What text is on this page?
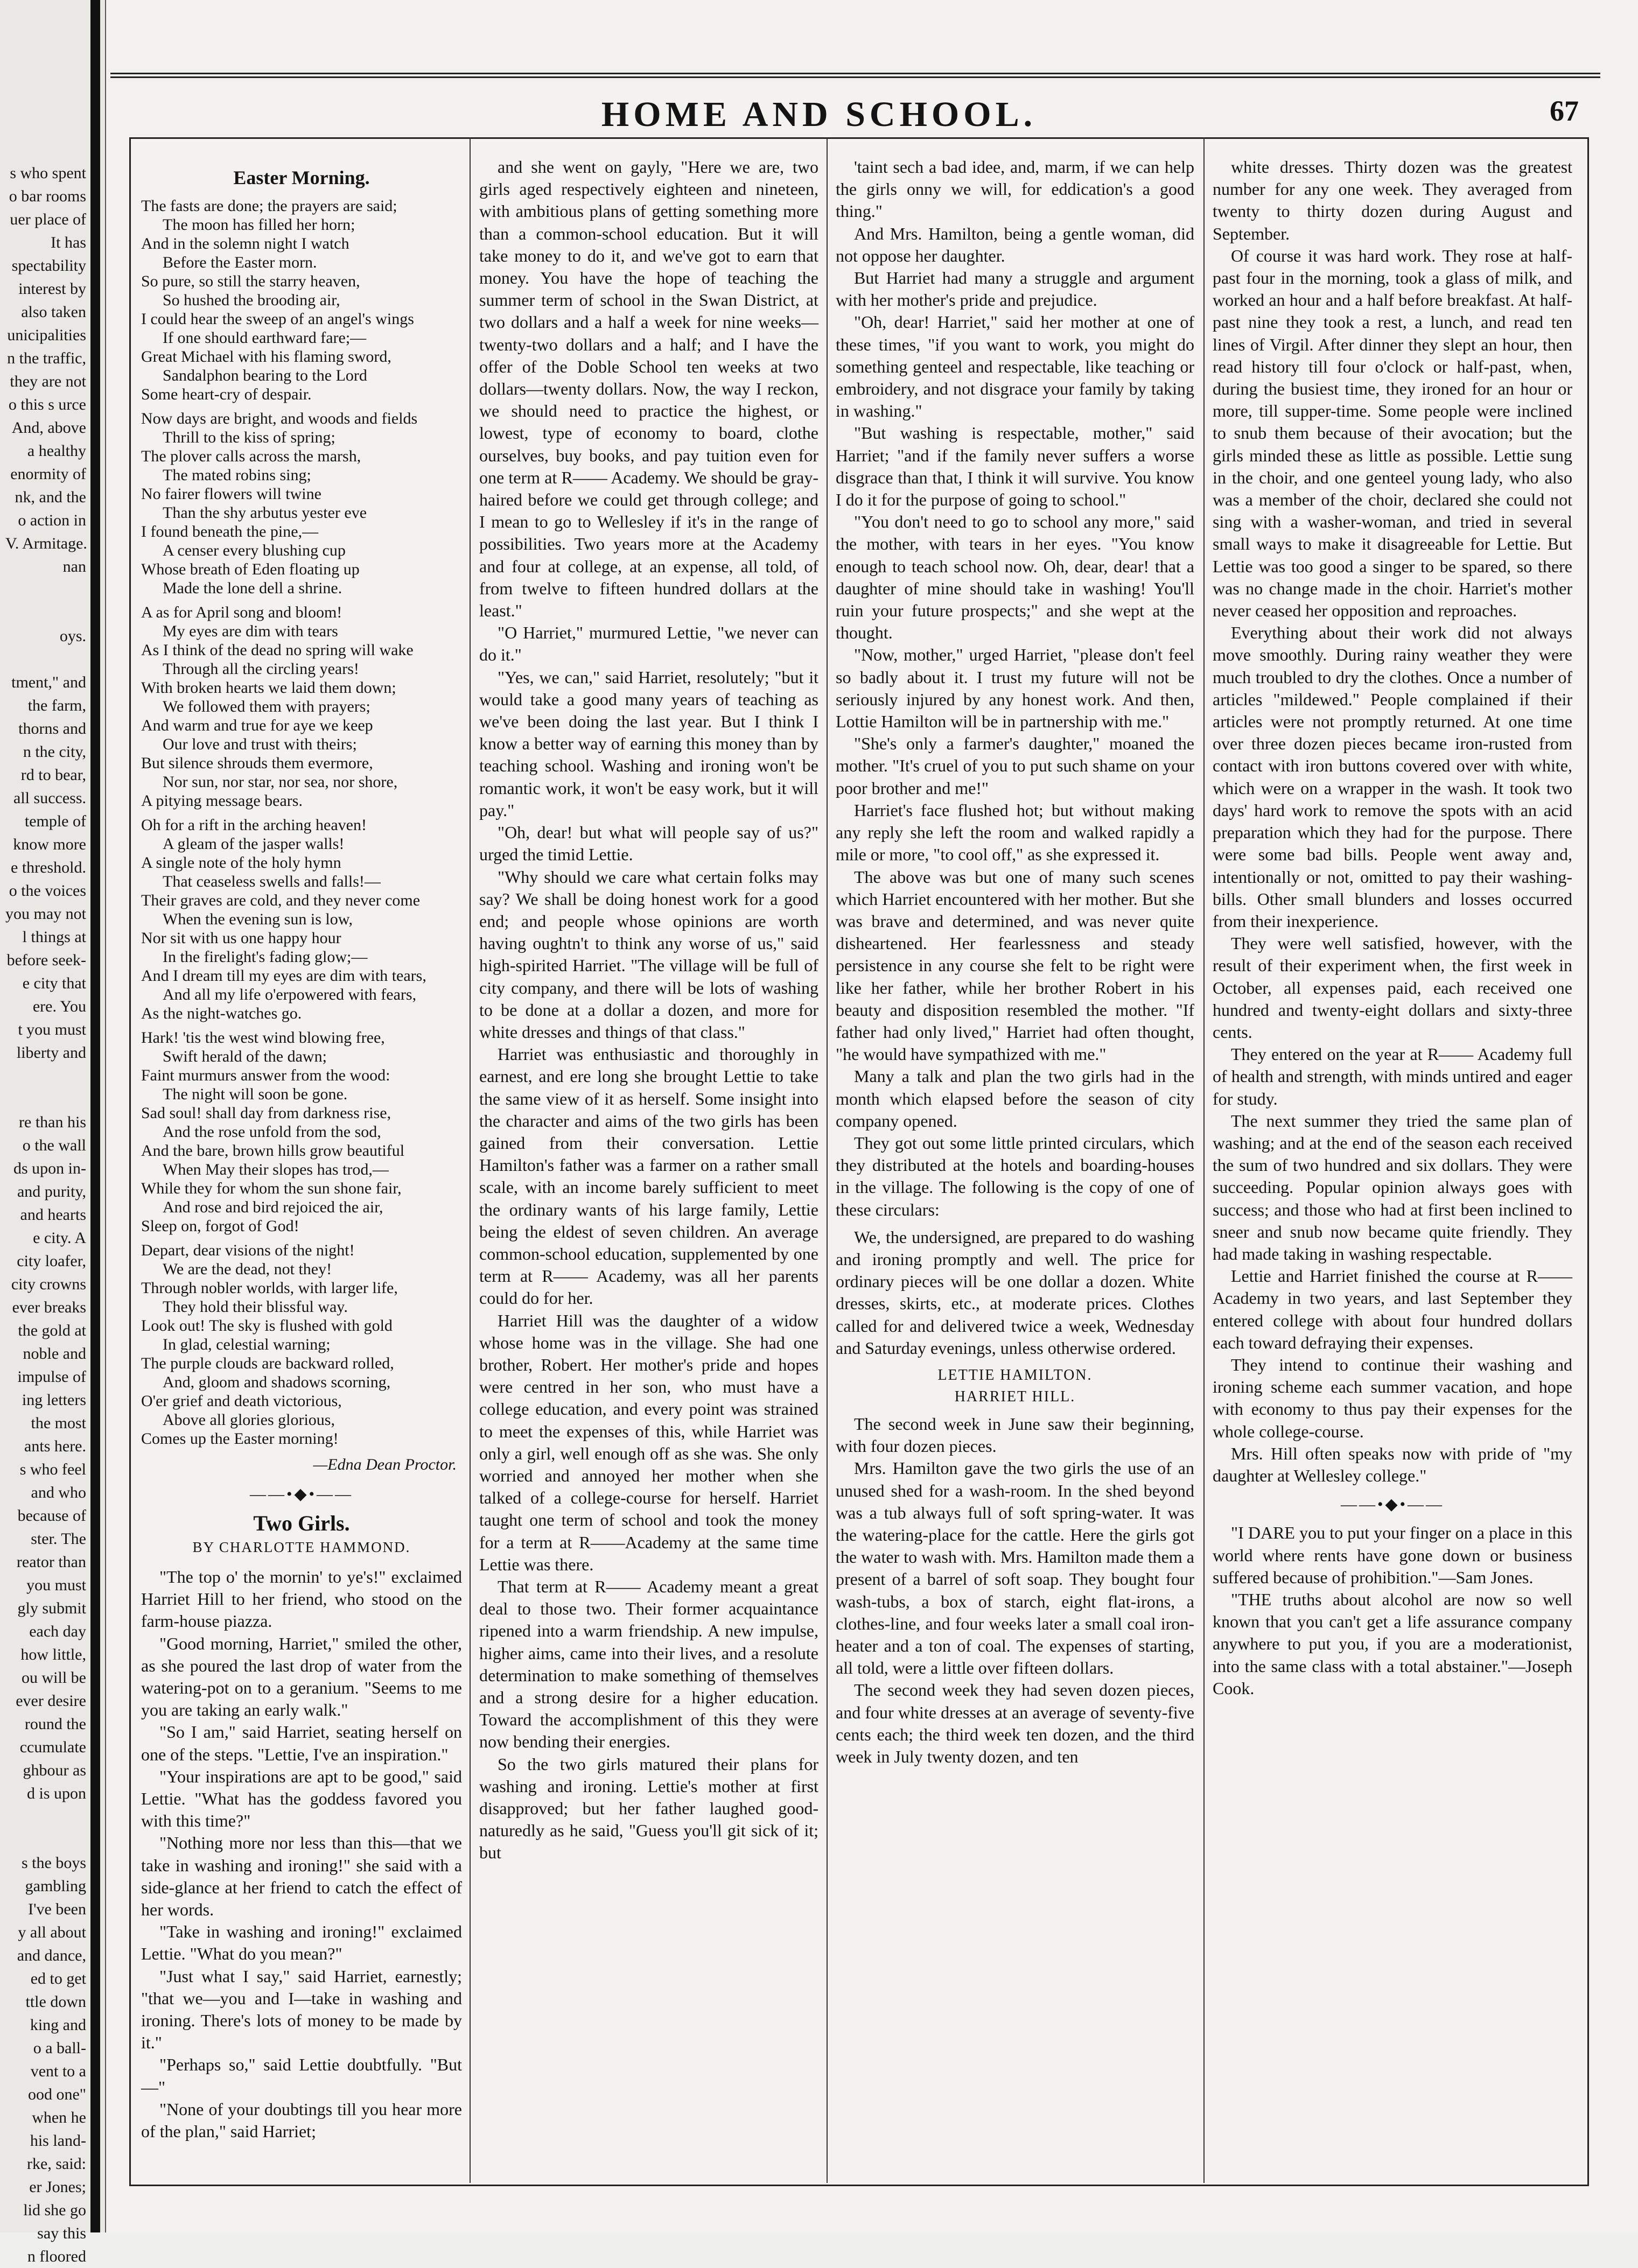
s who spent
o bar rooms
uer place of
It has
spectability
interest by
also taken
unicipalities
n the traffic,
they are not
o this s urce
And, above
a healthy
enormity of
nk, and the
o action in
V. Armitage.
nan
oys.
tment," and
the farm,
thorns and
n the city,
rd to bear,
all success.
temple of
know more
e threshold.
o the voices
you may not
l things at
before seek-
e city that
ere. You
t you must
liberty and
re than his
o the wall
ds upon in-
and purity,
and hearts
e city. A
city loafer,
city crowns
ever breaks
the gold at
noble and
impulse of
ing letters
the most
ants here.
s who feel
and who
because of
ster. The
reator than
you must
gly submit
each day
how little,
ou will be
ever desire
round the
ccumulate
ghbour as
d is upon
s the boys
gambling
I've been
y all about
and dance,
ed to get
ttle down
king and
o a ball-
vent to a
ood one"
when he
his land-
rke, said:
er Jones;
lid she go
say this
n floored
HOME AND SCHOOL.	67
Easter Morning.
The fasts are done; the prayers are said;
The moon has filled her horn;
And in the solemn night I watch
Before the Easter morn.
So pure, so still the starry heaven,
So hushed the brooding air,
I could hear the sweep of an angel's wings
If one should earthward fare;—
Great Michael with his flaming sword,
Sandalphon bearing to the Lord
Some heart-cry of despair.
Now days are bright, and woods and fields
Thrill to the kiss of spring;
The plover calls across the marsh,
The mated robins sing;
No fairer flowers will twine
Than the shy arbutus yester eve
I found beneath the pine,—
A censer every blushing cup
Whose breath of Eden floating up
Made the lone dell a shrine.
A as for April song and bloom!
My eyes are dim with tears
As I think of the dead no spring will wake
Through all the circling years!
With broken hearts we laid them down;
We followed them with prayers;
And warm and true for aye we keep
Our love and trust with theirs;
But silence shrouds them evermore,
Nor sun, nor star, nor sea, nor shore,
A pitying message bears.
Oh for a rift in the arching heaven!
A gleam of the jasper walls!
A single note of the holy hymn
That ceaseless swells and falls!—
Their graves are cold, and they never come
When the evening sun is low,
Nor sit with us one happy hour
In the firelight's fading glow;—
And I dream till my eyes are dim with tears,
And all my life o'erpowered with fears,
As the night-watches go.
Hark! 'tis the west wind blowing free,
Swift herald of the dawn;
Faint murmurs answer from the wood:
The night will soon be gone.
Sad soul! shall day from darkness rise,
And the rose unfold from the sod,
And the bare, brown hills grow beautiful
When May their slopes has trod,—
While they for whom the sun shone fair,
And rose and bird rejoiced the air,
Sleep on, forgot of God!
Depart, dear visions of the night!
We are the dead, not they!
Through nobler worlds, with larger life,
They hold their blissful way.
Look out! The sky is flushed with gold
In glad, celestial warning;
The purple clouds are backward rolled,
And, gloom and shadows scorning,
O'er grief and death victorious,
Above all glories glorious,
Comes up the Easter morning!
—Edna Dean Proctor.
——•◆•——
Two Girls.
BY CHARLOTTE HAMMOND.

"The top o' the mornin' to ye's!" exclaimed Harriet Hill to her friend, who stood on the farm-house piazza.

"Good morning, Harriet," smiled the other, as she poured the last drop of water from the watering-pot on to a geranium. "Seems to me you are taking an early walk."

"So I am," said Harriet, seating herself on one of the steps. "Lettie, I've an inspiration."

"Your inspirations are apt to be good," said Lettie. "What has the goddess favored you with this time?"

"Nothing more nor less than this—that we take in washing and ironing!" she said with a side-glance at her friend to catch the effect of her words.

"Take in washing and ironing!" exclaimed Lettie. "What do you mean?"

"Just what I say," said Harriet, earnestly; "that we—you and I—take in washing and ironing. There's lots of money to be made by it."

"Perhaps so," said Lettie doubtfully. "But—"

"None of your doubtings till you hear more of the plan," said Harriet;

and she went on gayly, "Here we are, two girls aged respectively eighteen and nineteen, with ambitious plans of getting something more than a common-school education. But it will take money to do it, and we've got to earn that money. You have the hope of teaching the summer term of school in the Swan District, at two dollars and a half a week for nine weeks—twenty-two dollars and a half; and I have the offer of the Doble School ten weeks at two dollars—twenty dollars. Now, the way I reckon, we should need to practice the highest, or lowest, type of economy to board, clothe ourselves, buy books, and pay tuition even for one term at R—— Academy. We should be gray-haired before we could get through college; and I mean to go to Wellesley if it's in the range of possibilities. Two years more at the Academy and four at college, at an expense, all told, of from twelve to fifteen hundred dollars at the least."

"O Harriet," murmured Lettie, "we never can do it."

"Yes, we can," said Harriet, resolutely; "but it would take a good many years of teaching as we've been doing the last year. But I think I know a better way of earning this money than by teaching school. Washing and ironing won't be romantic work, it won't be easy work, but it will pay."

"Oh, dear! but what will people say of us?" urged the timid Lettie.

"Why should we care what certain folks may say? We shall be doing honest work for a good end; and people whose opinions are worth having oughtn't to think any worse of us," said high-spirited Harriet. "The village will be full of city company, and there will be lots of washing to be done at a dollar a dozen, and more for white dresses and things of that class."

Harriet was enthusiastic and thoroughly in earnest, and ere long she brought Lettie to take the same view of it as herself. Some insight into the character and aims of the two girls has been gained from their conversation. Lettie Hamilton's father was a farmer on a rather small scale, with an income barely sufficient to meet the ordinary wants of his large family, Lettie being the eldest of seven children. An average common-school education, supplemented by one term at R—— Academy, was all her parents could do for her.

Harriet Hill was the daughter of a widow whose home was in the village. She had one brother, Robert. Her mother's pride and hopes were centred in her son, who must have a college education, and every point was strained to meet the expenses of this, while Harriet was only a girl, well enough off as she was. She only worried and annoyed her mother when she talked of a college-course for herself. Harriet taught one term of school and took the money for a term at R——Academy at the same time Lettie was there.

That term at R—— Academy meant a great deal to those two. Their former acquaintance ripened into a warm friendship. A new impulse, higher aims, came into their lives, and a resolute determination to make something of themselves and a strong desire for a higher education. Toward the accomplishment of this they were now bending their energies.

So the two girls matured their plans for washing and ironing. Lettie's mother at first disapproved; but her father laughed good-naturedly as he said, "Guess you'll git sick of it; but

'taint sech a bad idee, and, marm, if we can help the girls onny we will, for eddication's a good thing."

And Mrs. Hamilton, being a gentle woman, did not oppose her daughter.

But Harriet had many a struggle and argument with her mother's pride and prejudice.

"Oh, dear! Harriet," said her mother at one of these times, "if you want to work, you might do something genteel and respectable, like teaching or embroidery, and not disgrace your family by taking in washing."

"But washing is respectable, mother," said Harriet; "and if the family never suffers a worse disgrace than that, I think it will survive. You know I do it for the purpose of going to school."

"You don't need to go to school any more," said the mother, with tears in her eyes. "You know enough to teach school now. Oh, dear, dear! that a daughter of mine should take in washing! You'll ruin your future prospects;" and she wept at the thought.

"Now, mother," urged Harriet, "please don't feel so badly about it. I trust my future will not be seriously injured by any honest work. And then, Lottie Hamilton will be in partnership with me."

"She's only a farmer's daughter," moaned the mother. "It's cruel of you to put such shame on your poor brother and me!"

Harriet's face flushed hot; but without making any reply she left the room and walked rapidly a mile or more, "to cool off," as she expressed it.

The above was but one of many such scenes which Harriet encountered with her mother. But she was brave and determined, and was never quite disheartened. Her fearlessness and steady persistence in any course she felt to be right were like her father, while her brother Robert in his beauty and disposition resembled the mother. "If father had only lived," Harriet had often thought, "he would have sympathized with me."

Many a talk and plan the two girls had in the month which elapsed before the season of city company opened.

They got out some little printed circulars, which they distributed at the hotels and boarding-houses in the village. The following is the copy of one of these circulars:

We, the undersigned, are prepared to do washing and ironing promptly and well. The price for ordinary pieces will be one dollar a dozen. White dresses, skirts, etc., at moderate prices. Clothes called for and delivered twice a week, Wednesday and Saturday evenings, unless otherwise ordered.
LETTIE HAMILTON.
HARRIET HILL.

The second week in June saw their beginning, with four dozen pieces.

Mrs. Hamilton gave the two girls the use of an unused shed for a wash-room. In the shed beyond was a tub always full of soft spring-water. It was the watering-place for the cattle. Here the girls got the water to wash with. Mrs. Hamilton made them a present of a barrel of soft soap. They bought four wash-tubs, a box of starch, eight flat-irons, a clothes-line, and four weeks later a small coal iron-heater and a ton of coal. The expenses of starting, all told, were a little over fifteen dollars.

The second week they had seven dozen pieces, and four white dresses at an average of seventy-five cents each; the third week ten dozen, and the third week in July twenty dozen, and ten

white dresses. Thirty dozen was the greatest number for any one week. They averaged from twenty to thirty dozen during August and September.

Of course it was hard work. They rose at half-past four in the morning, took a glass of milk, and worked an hour and a half before breakfast. At half-past nine they took a rest, a lunch, and read ten lines of Virgil. After dinner they slept an hour, then read history till four o'clock or half-past, when, during the busiest time, they ironed for an hour or more, till supper-time. Some people were inclined to snub them because of their avocation; but the girls minded these as little as possible. Lettie sung in the choir, and one genteel young lady, who also was a member of the choir, declared she could not sing with a washer-woman, and tried in several small ways to make it disagreeable for Lettie. But Lettie was too good a singer to be spared, so there was no change made in the choir. Harriet's mother never ceased her opposition and reproaches.

Everything about their work did not always move smoothly. During rainy weather they were much troubled to dry the clothes. Once a number of articles "mildewed." People complained if their articles were not promptly returned. At one time over three dozen pieces became iron-rusted from contact with iron buttons covered over with white, which were on a wrapper in the wash. It took two days' hard work to remove the spots with an acid preparation which they had for the purpose. There were some bad bills. People went away and, intentionally or not, omitted to pay their washing-bills. Other small blunders and losses occurred from their inexperience.

They were well satisfied, however, with the result of their experiment when, the first week in October, all expenses paid, each received one hundred and twenty-eight dollars and sixty-three cents.

They entered on the year at R—— Academy full of health and strength, with minds untired and eager for study.

The next summer they tried the same plan of washing; and at the end of the season each received the sum of two hundred and six dollars. They were succeeding. Popular opinion always goes with success; and those who had at first been inclined to sneer and snub now became quite friendly. They had made taking in washing respectable.

Lettie and Harriet finished the course at R—— Academy in two years, and last September they entered college with about four hundred dollars each toward defraying their expenses.

They intend to continue their washing and ironing scheme each summer vacation, and hope with economy to thus pay their expenses for the whole college-course.

Mrs. Hill often speaks now with pride of "my daughter at Wellesley college."

——•◆•——

"I DARE you to put your finger on a place in this world where rents have gone down or business suffered because of prohibition."—Sam Jones.

"THE truths about alcohol are now so well known that you can't get a life assurance company anywhere to put you, if you are a moderationist, into the same class with a total abstainer."—Joseph Cook.
